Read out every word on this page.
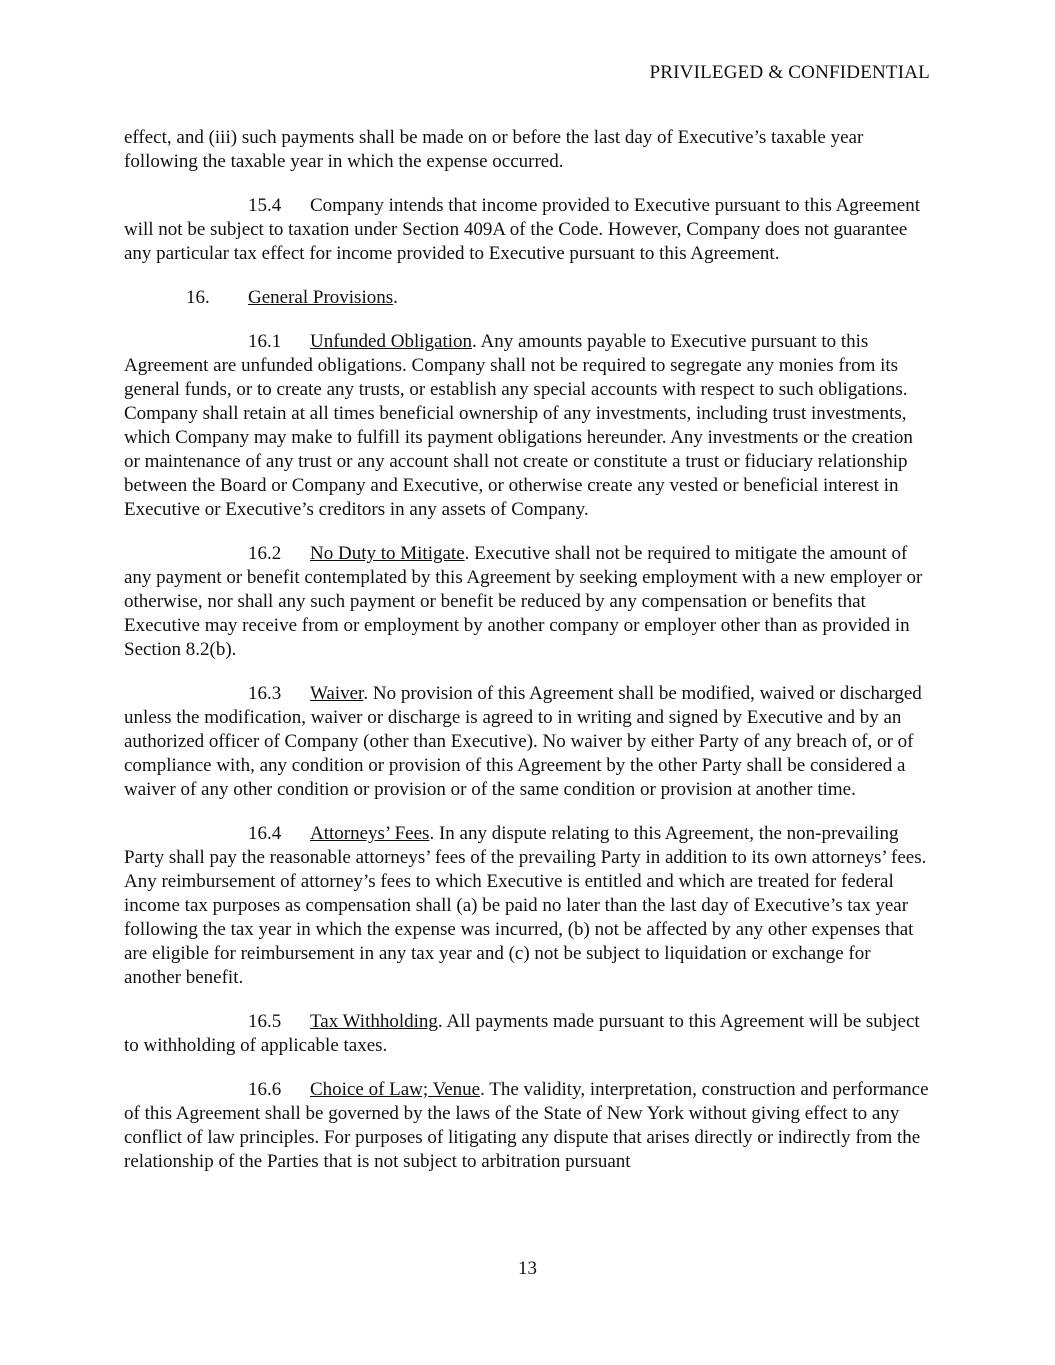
PRIVILEGED & CONFIDENTIAL

effect, and (iii) such payments shall be made on or before the last day of Executive’s taxable year following the taxable year in which the expense occurred.

15.4 Company intends that income provided to Executive pursuant to this Agreement will not be subject to taxation under Section 409A of the Code. However, Company does not guarantee any particular tax effect for income provided to Executive pursuant to this Agreement.

16. General Provisions.

16.1 Unfunded Obligation. Any amounts payable to Executive pursuant to this Agreement are unfunded obligations. Company shall not be required to segregate any monies from its general funds, or to create any trusts, or establish any special accounts with respect to such obligations. Company shall retain at all times beneficial ownership of any investments, including trust investments, which Company may make to fulfill its payment obligations hereunder. Any investments or the creation or maintenance of any trust or any account shall not create or constitute a trust or fiduciary relationship between the Board or Company and Executive, or otherwise create any vested or beneficial interest in Executive or Executive’s creditors in any assets of Company.

16.2 No Duty to Mitigate. Executive shall not be required to mitigate the amount of any payment or benefit contemplated by this Agreement by seeking employment with a new employer or otherwise, nor shall any such payment or benefit be reduced by any compensation or benefits that Executive may receive from or employment by another company or employer other than as provided in Section 8.2(b).

16.3 Waiver. No provision of this Agreement shall be modified, waived or discharged unless the modification, waiver or discharge is agreed to in writing and signed by Executive and by an authorized officer of Company (other than Executive). No waiver by either Party of any breach of, or of compliance with, any condition or provision of this Agreement by the other Party shall be considered a waiver of any other condition or provision or of the same condition or provision at another time.

16.4 Attorneys’ Fees. In any dispute relating to this Agreement, the non-prevailing Party shall pay the reasonable attorneys’ fees of the prevailing Party in addition to its own attorneys’ fees. Any reimbursement of attorney’s fees to which Executive is entitled and which are treated for federal income tax purposes as compensation shall (a) be paid no later than the last day of Executive’s tax year following the tax year in which the expense was incurred, (b) not be affected by any other expenses that are eligible for reimbursement in any tax year and (c) not be subject to liquidation or exchange for another benefit.

16.5 Tax Withholding. All payments made pursuant to this Agreement will be subject to withholding of applicable taxes.

16.6 Choice of Law; Venue. The validity, interpretation, construction and performance of this Agreement shall be governed by the laws of the State of New York without giving effect to any conflict of law principles. For purposes of litigating any dispute that arises directly or indirectly from the relationship of the Parties that is not subject to arbitration pursuant

13
